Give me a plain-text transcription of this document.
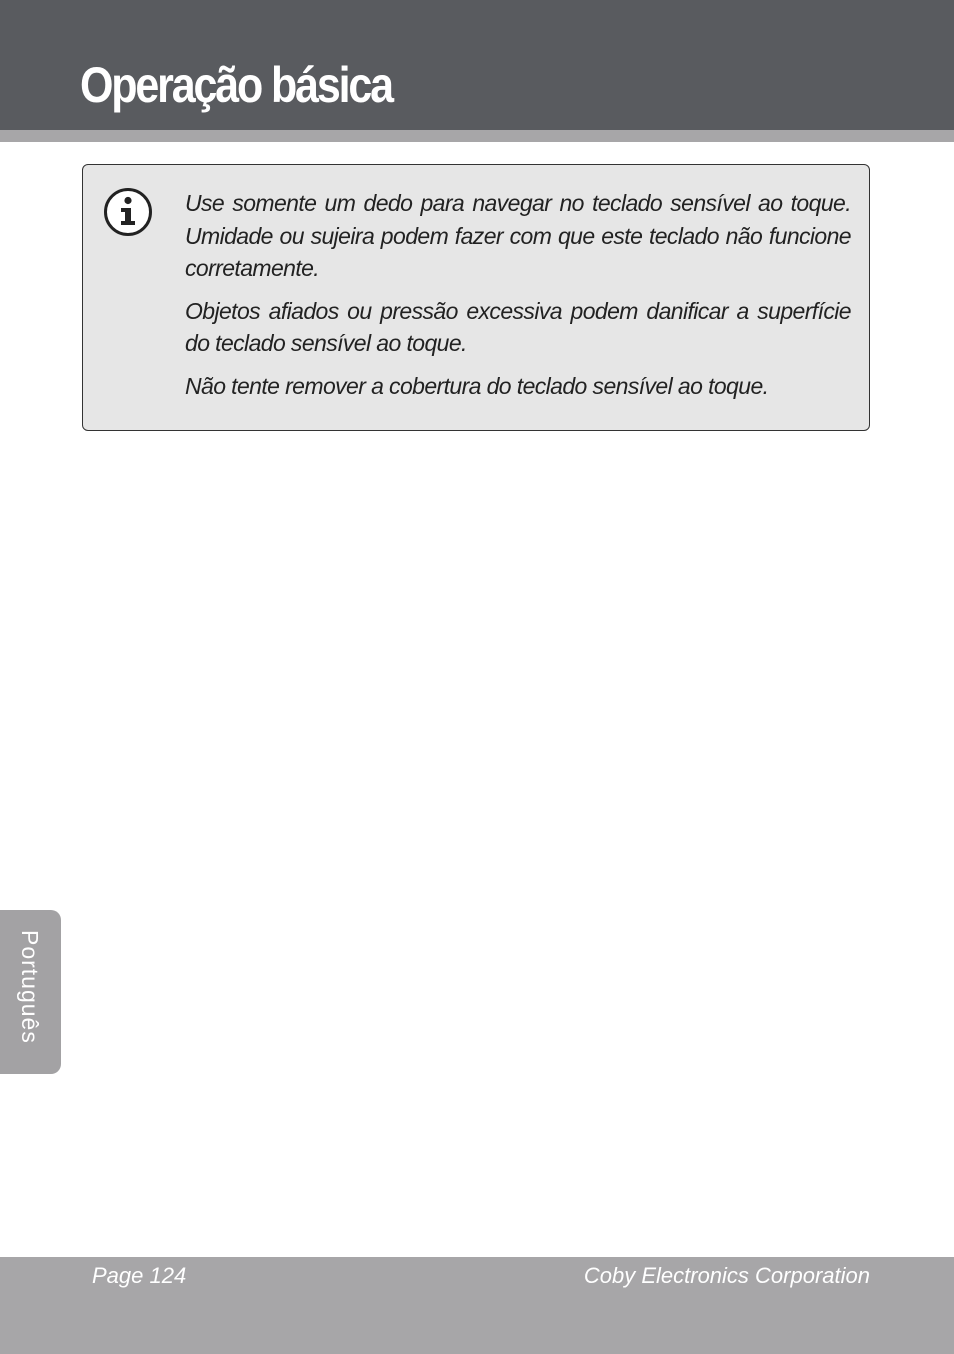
Operação básica

Use somente um dedo para navegar no teclado sensível ao toque. Umidade ou sujeira podem fazer com que este teclado não funcione corretamente.

Objetos afiados ou pressão excessiva podem danificar a superfície do teclado sensível ao toque.

Não tente remover a cobertura do teclado sensível ao toque.

Português
Page 124	Coby Electronics Corporation
